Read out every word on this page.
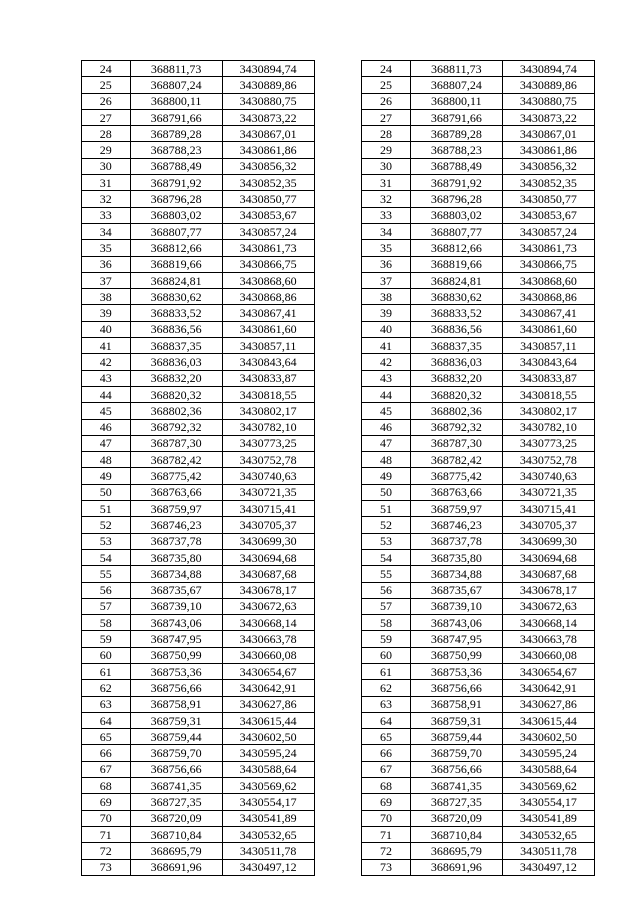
24	368811,73	3430894,74		24	368811,73	3430894,74
25	368807,24	3430889,86		25	368807,24	3430889,86
26	368800,11	3430880,75		26	368800,11	3430880,75
27	368791,66	3430873,22		27	368791,66	3430873,22
28	368789,28	3430867,01		28	368789,28	3430867,01
29	368788,23	3430861,86		29	368788,23	3430861,86
30	368788,49	3430856,32		30	368788,49	3430856,32
31	368791,92	3430852,35		31	368791,92	3430852,35
32	368796,28	3430850,77		32	368796,28	3430850,77
33	368803,02	3430853,67		33	368803,02	3430853,67
34	368807,77	3430857,24		34	368807,77	3430857,24
35	368812,66	3430861,73		35	368812,66	3430861,73
36	368819,66	3430866,75		36	368819,66	3430866,75
37	368824,81	3430868,60		37	368824,81	3430868,60
38	368830,62	3430868,86		38	368830,62	3430868,86
39	368833,52	3430867,41		39	368833,52	3430867,41
40	368836,56	3430861,60		40	368836,56	3430861,60
41	368837,35	3430857,11		41	368837,35	3430857,11
42	368836,03	3430843,64		42	368836,03	3430843,64
43	368832,20	3430833,87		43	368832,20	3430833,87
44	368820,32	3430818,55		44	368820,32	3430818,55
45	368802,36	3430802,17		45	368802,36	3430802,17
46	368792,32	3430782,10		46	368792,32	3430782,10
47	368787,30	3430773,25		47	368787,30	3430773,25
48	368782,42	3430752,78		48	368782,42	3430752,78
49	368775,42	3430740,63		49	368775,42	3430740,63
50	368763,66	3430721,35		50	368763,66	3430721,35
51	368759,97	3430715,41		51	368759,97	3430715,41
52	368746,23	3430705,37		52	368746,23	3430705,37
53	368737,78	3430699,30		53	368737,78	3430699,30
54	368735,80	3430694,68		54	368735,80	3430694,68
55	368734,88	3430687,68		55	368734,88	3430687,68
56	368735,67	3430678,17		56	368735,67	3430678,17
57	368739,10	3430672,63		57	368739,10	3430672,63
58	368743,06	3430668,14		58	368743,06	3430668,14
59	368747,95	3430663,78		59	368747,95	3430663,78
60	368750,99	3430660,08		60	368750,99	3430660,08
61	368753,36	3430654,67		61	368753,36	3430654,67
62	368756,66	3430642,91		62	368756,66	3430642,91
63	368758,91	3430627,86		63	368758,91	3430627,86
64	368759,31	3430615,44		64	368759,31	3430615,44
65	368759,44	3430602,50		65	368759,44	3430602,50
66	368759,70	3430595,24		66	368759,70	3430595,24
67	368756,66	3430588,64		67	368756,66	3430588,64
68	368741,35	3430569,62		68	368741,35	3430569,62
69	368727,35	3430554,17		69	368727,35	3430554,17
70	368720,09	3430541,89		70	368720,09	3430541,89
71	368710,84	3430532,65		71	368710,84	3430532,65
72	368695,79	3430511,78		72	368695,79	3430511,78
73	368691,96	3430497,12		73	368691,96	3430497,12
